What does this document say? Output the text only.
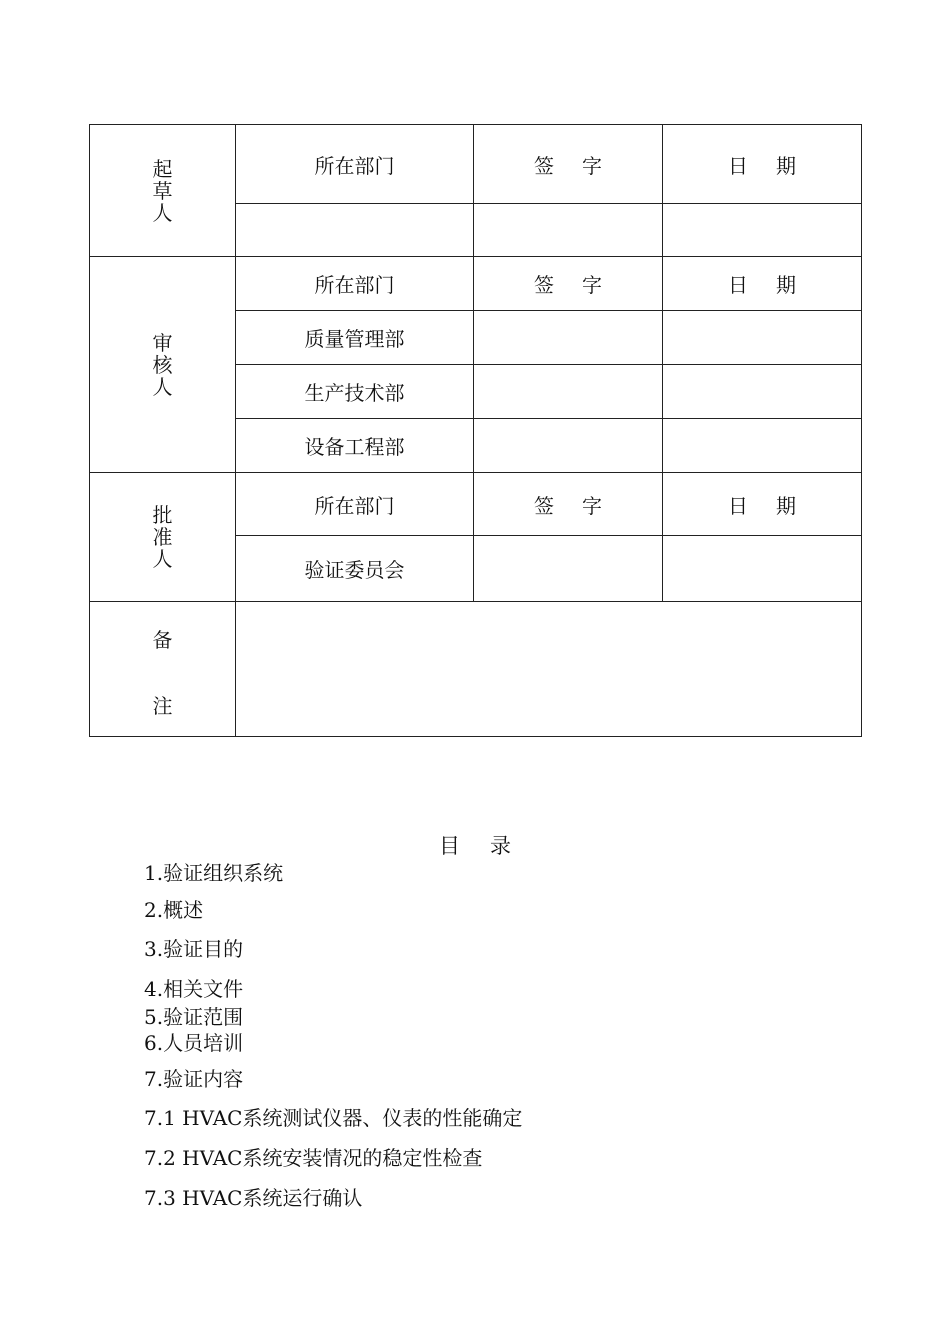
起草人	所在部门	签字	日期

审核人	所在部门	签字	日期
	质量管理部		
	生产技术部		
	设备工程部		
批准人	所在部门	签字	日期
	验证委员会		

备
注			

目录
1.验证组织系统
2.概述
3.验证目的
4.相关文件
5.验证范围
6.人员培训
7.验证内容
7.1 HVAC系统测试仪器、仪表的性能确定
7.2 HVAC系统安装情况的稳定性检查
7.3 HVAC系统运行确认
